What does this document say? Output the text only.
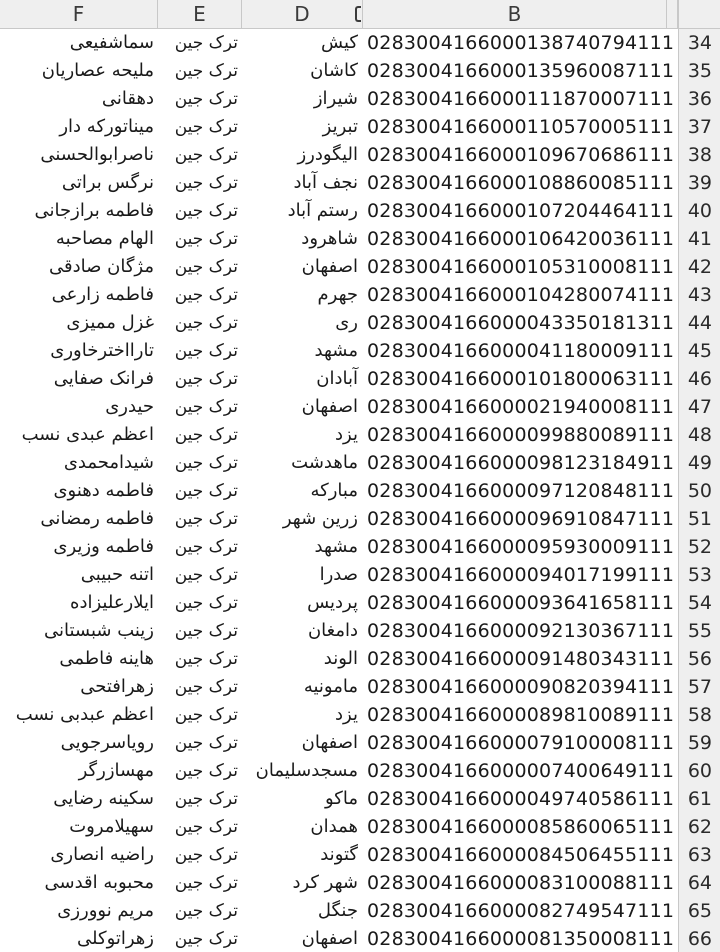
F	E	D	B
سماشفیعی	ترک جین	کیش 0283004166000138740794111 34
ملیحه عصاریان	ترک جین	کاشان 0283004166000135960087111 35
دهقانی	ترک جین	شیراز 0283004166000111870007111 36
میناتورکه دار	ترک جین	تبریز 0283004166000110570005111 37
ناصرابوالحسنی	ترک جین	الیگودرز 0283004166000109670686111 38
نرگس براتی	ترک جین	نجف آباد 0283004166000108860085111 39
فاطمه برازجانی	ترک جین	رستم آباد 0283004166000107204464111 40
الهام مصاحبه	ترک جین	شاهرود 0283004166000106420036111 41
مژگان صادقی	ترک جین	اصفهان 0283004166000105310008111 42
فاطمه زارعی	ترک جین	جهرم 0283004166000104280074111 43
غزل ممیزی	ترک جین	ری 0283004166000043350181311 44
تارااخترخاوری	ترک جین	مشهد 0283004166000041180009111 45
فرانک صفایی	ترک جین	آبادان 0283004166000101800063111 46
حیدری	ترک جین	اصفهان 0283004166000021940008111 47
اعظم عبدی نسب	ترک جین	یزد 0283004166000099880089111 48
شیدامحمدی	ترک جین	ماهدشت 0283004166000098123184911 49
فاطمه دهنوی	ترک جین	مبارکه 0283004166000097120848111 50
فاطمه رمضانی	ترک جین	زرین شهر 0283004166000096910847111 51
فاطمه وزیری	ترک جین	مشهد 0283004166000095930009111 52
اتنه حبیبی	ترک جین	صدرا 0283004166000094017199111 53
ایلارعلیزاده	ترک جین	پردیس 0283004166000093641658111 54
زینب شبستانی	ترک جین	دامغان 0283004166000092130367111 55
هاینه فاطمی	ترک جین	الوند 0283004166000091480343111 56
زهرافتحی	ترک جین	مامونیه 0283004166000090820394111 57
اعظم عبدبی نسب	ترک جین	یزد 0283004166000089810089111 58
رویاسرجویی	ترک جین	اصفهان 0283004166000079100008111 59
مهسازرگر	ترک جین مسجدسلیمان 0283004166000007400649111 60
سکینه رضایی	ترک جین	ماکو 0283004166000049740586111 61
سهیلامروت	ترک جین	همدان 0283004166000085860065111 62
راضیه انصاری	ترک جین	گتوند 0283004166000084506455111 63
محبوبه اقدسی	ترک جین	شهر کرد 0283004166000083100088111 64
مریم نوورزی	ترک جین	جنگل 0283004166000082749547111 65
زهراتوکلی	ترک جین	اصفهان 0283004166000081350008111 66
